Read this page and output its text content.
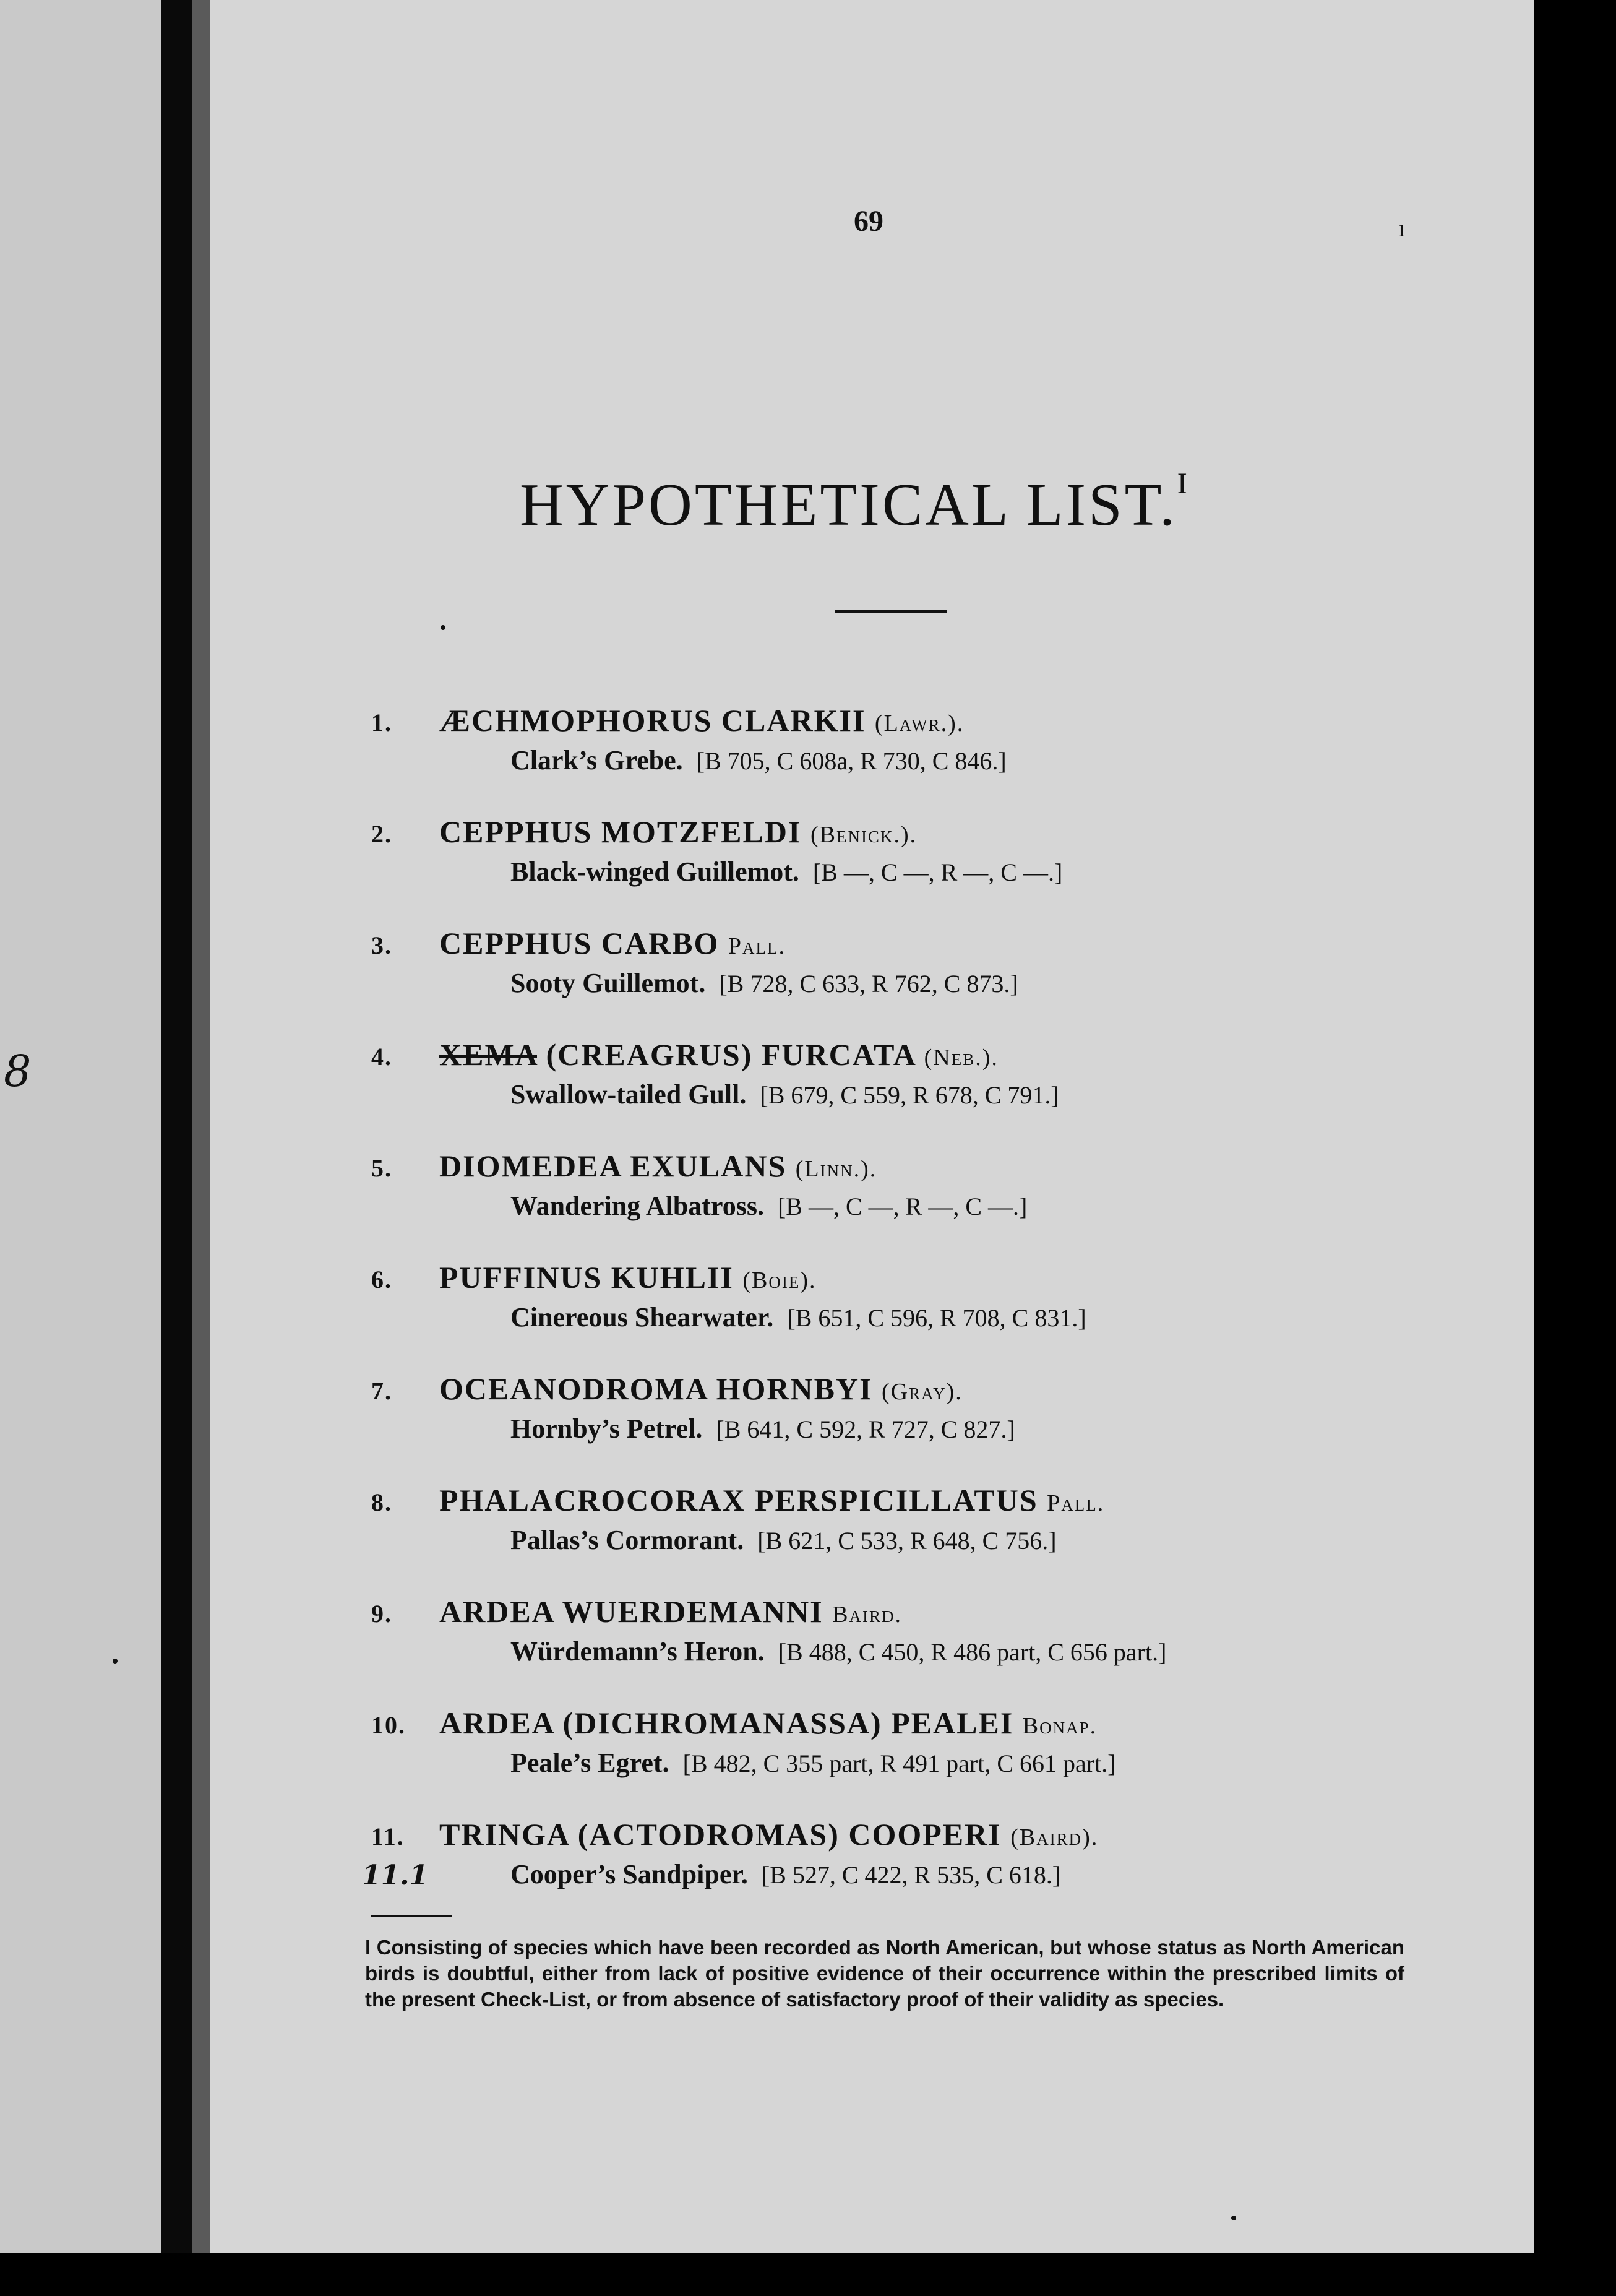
8
69	ı
HYPOTHETICAL LIST.$^I$
1. ÆCHMOPHORUS CLARKII (Lawr.).
Clark’s Grebe. [B 705, C 608a, R 730, C 846.]
2. CEPPHUS MOTZFELDI (Benick.).
Black-winged Guillemot. [B —, C —, R —, C —.]
3. CEPPHUS CARBO Pall.
Sooty Guillemot. [B 728, C 633, R 762, C 873.]
4. XEMA (CREAGRUS) FURCATA (Neb.).
Swallow-tailed Gull. [B 679, C 559, R 678, C 791.]
5. DIOMEDEA EXULANS (Linn.).
Wandering Albatross. [B —, C —, R —, C —.]
6. PUFFINUS KUHLII (Boie).
Cinereous Shearwater. [B 651, C 596, R 708, C 831.]
7. OCEANODROMA HORNBYI (Gray).
Hornby’s Petrel. [B 641, C 592, R 727, C 827.]
8. PHALACROCORAX PERSPICILLATUS Pall.
Pallas’s Cormorant. [B 621, C 533, R 648, C 756.]
9. ARDEA WUERDEMANNI Baird.
Würdemann’s Heron. [B 488, C 450, R 486 part, C 656 part.]
10. ARDEA (DICHROMANASSA) PEALEI Bonap.
Peale’s Egret. [B 482, C 355 part, R 491 part, C 661 part.]
11. TRINGA (ACTODROMAS) COOPERI (Baird).
Cooper’s Sandpiper. [B 527, C 422, R 535, C 618.]
11.1
I Consisting of species which have been recorded as North American, but whose status as North American birds is doubtful, either from lack of positive evidence of their occurrence within the prescribed limits of the present Check-List, or from absence of satisfactory proof of their validity as species.
